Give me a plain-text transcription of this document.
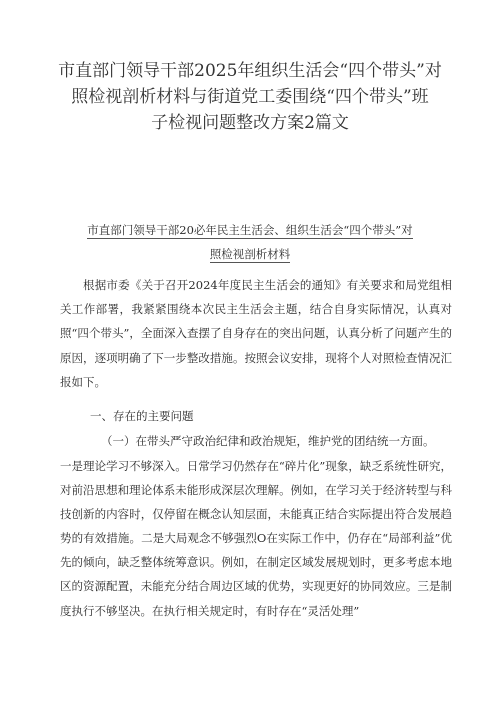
市直部门领导干部2025年组织生活会“四个带头”对
照检视剖析材料与街道党工委围绕“四个带头”班
子检视问题整改方案2篇文
市直部门领导干部20必年民主生活会、组织生活会“四个带头”对
照检视剖析材料

根据市委《关于召开2024年度民主生活会的通知》有关要求和局党组相关工作部署，我紧紧围绕本次民主生活会主题，结合自身实际情况，认真对照“四个带头”，全面深入查摆了自身存在的突出问题，认真分析了问题产生的原因，逐项明确了下一步整改措施。按照会议安排，现将个人对照检查情况汇报如下。

一、存在的主要问题
（一）在带头严守政治纪律和政治规矩，维护党的团结统一方面。

一是理论学习不够深入。日常学习仍然存在“碎片化”现象，缺乏系统性研究，对前沿思想和理论体系未能形成深层次理解。例如，在学习关于经济转型与科技创新的内容时，仅停留在概念认知层面，未能真正结合实际提出符合发展趋势的有效措施。二是大局观念不够强烈O在实际工作中，仍存在“局部利益”优先的倾向，缺乏整体统筹意识。例如，在制定区域发展规划时，更多考虑本地区的资源配置，未能充分结合周边区域的优势，实现更好的协同效应。三是制度执行不够坚决。在执行相关规定时，有时存在“灵活处理”
